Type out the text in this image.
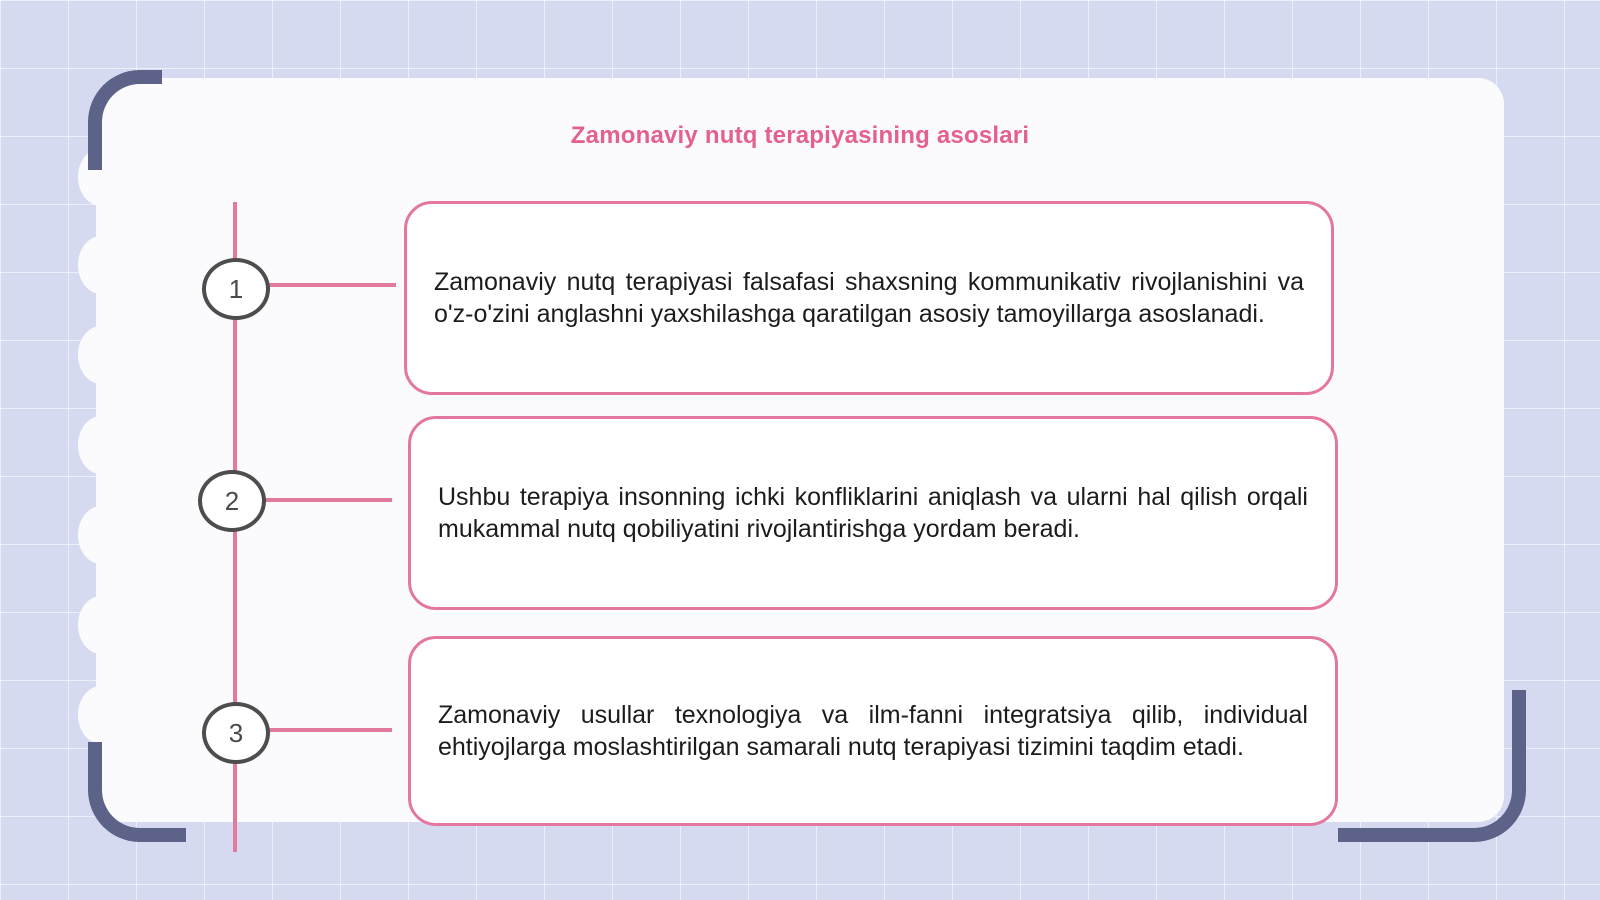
Zamonaviy nutq terapiyasining asoslari
1
2
3

Zamonaviy nutq terapiyasi falsafasi shaxsning kommunikativ rivojlanishini va o'z-o'zini anglashni yaxshilashga qaratilgan asosiy tamoyillarga asoslanadi.

Ushbu terapiya insonning ichki konfliklarini aniqlash va ularni hal qilish orqali mukammal nutq qobiliyatini rivojlantirishga yordam beradi.

Zamonaviy usullar texnologiya va ilm-fanni integratsiya qilib, individual ehtiyojlarga moslashtirilgan samarali nutq terapiyasi tizimini taqdim etadi.
